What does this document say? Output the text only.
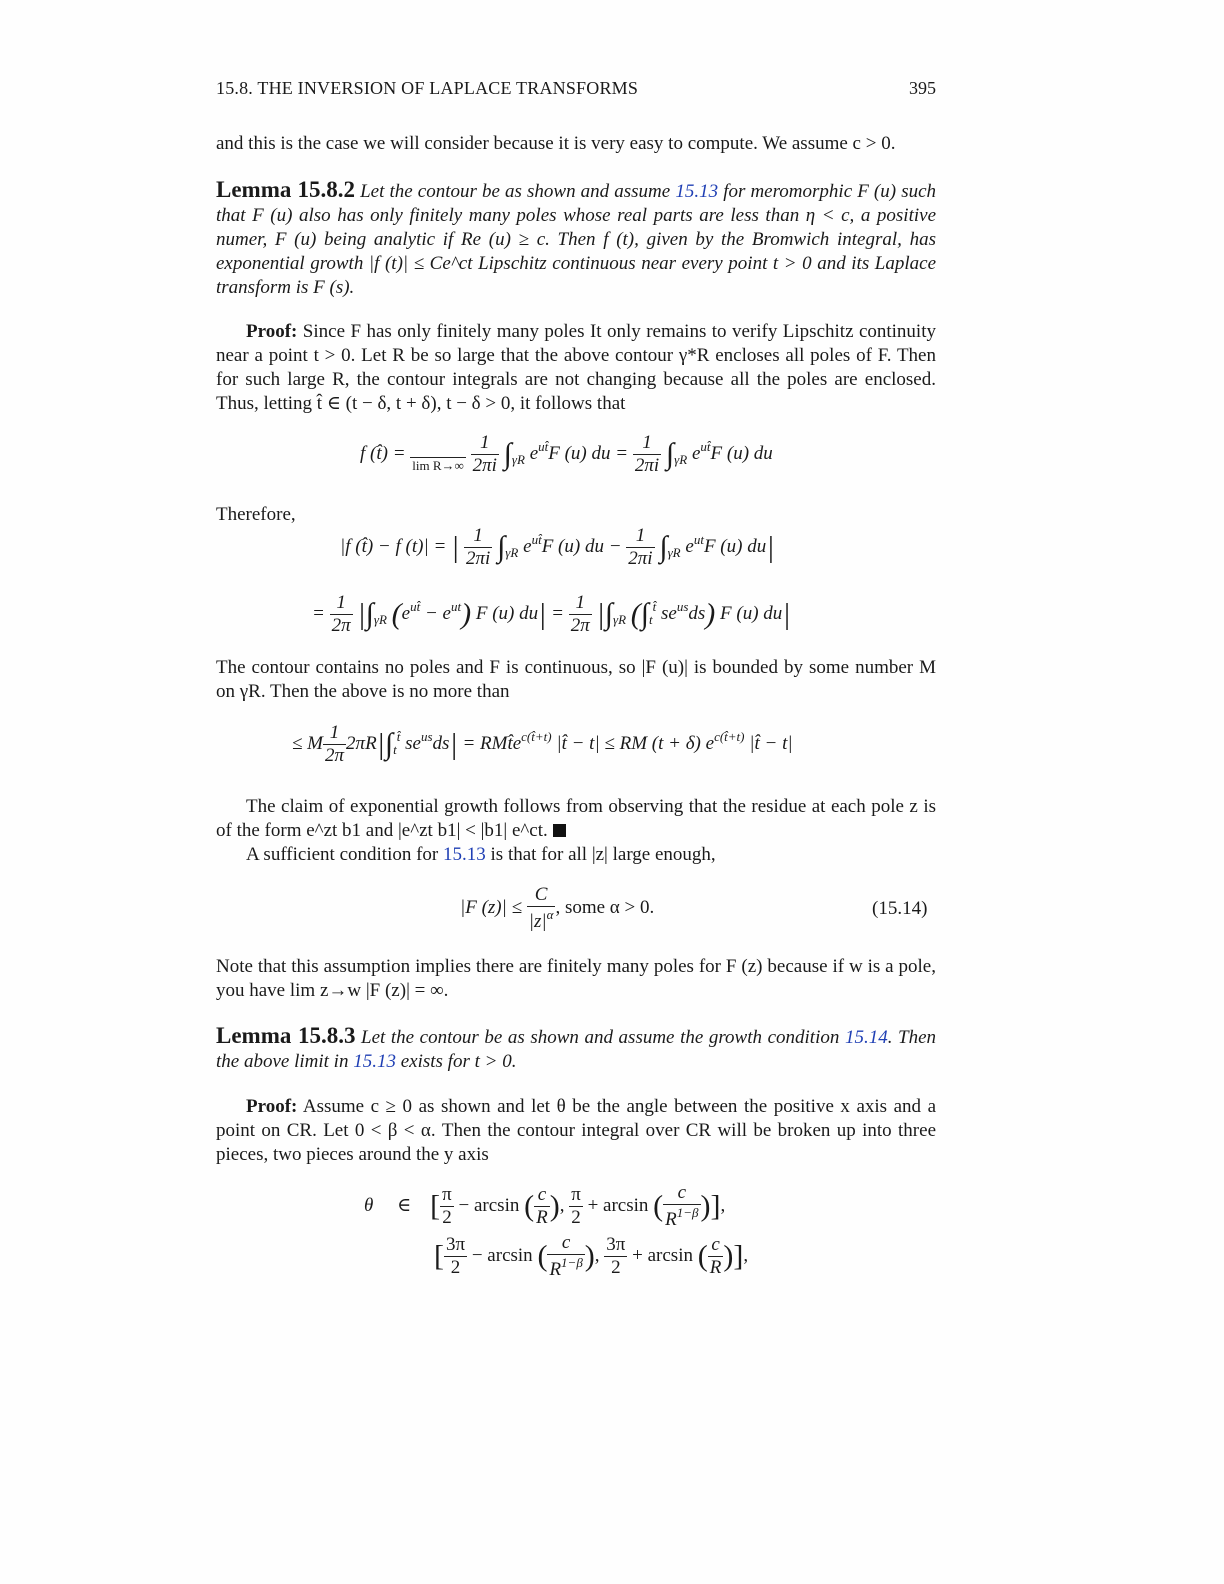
15.8. THE INVERSION OF LAPLACE TRANSFORMS	395
and this is the case we will consider because it is very easy to compute. We assume c > 0.
Lemma 15.8.2 Let the contour be as shown and assume 15.13 for meromorphic F (u) such that F (u) also has only finitely many poles whose real parts are less than η < c, a positive numer, F (u) being analytic if Re (u) ≥ c. Then f (t), given by the Bromwich integral, has exponential growth |f (t)| ≤ Ce^ct Lipschitz continuous near every point t > 0 and its Laplace transform is F (s).
Proof: Since F has only finitely many poles It only remains to verify Lipschitz continuity near a point t > 0. Let R be so large that the above contour γ*R encloses all poles of F. Then for such large R, the contour integrals are not changing because all the poles are enclosed. Thus, letting t̂ ∈ (t − δ, t + δ), t − δ > 0, it follows that
f (t̂) =

lim R→∞
$\frac{1}{2\pi i} \int_{\gamma R}$ $e^{ut̂}F$ (u) du = $\frac{1}{2\pi i} \int_{\gamma R}$ $e^{ut̂}F$ (u) du
Therefore,
|f (t̂) − f (t)| = | $\frac{1}{2\pi i} \int_{\gamma R}$ $e^{ut̂}F$ (u) du − $\frac{1}{2\pi i} \int_{\gamma R}$ $e^{ut}F$ (u) du|
= $\frac{1}{2\pi} |\int_{\gamma R}$ $(e^{ut̂} - e^{ut})$ F (u) $du| = \frac{1}{2\pi} |\int_{\gamma R}$ ($\int_t^{t̂}$ $se^{us}ds$) F (u) du|
The contour contains no poles and F is continuous, so |F (u)| is bounded by some number M on γR. Then the above is no more than
≤ M $\frac{1}{2\pi} 2\pi R|\int_t^{t̂}$ $se^{us}ds|$ = $RMt̂e^{c(t̂+t)}$ |t̂ − t| ≤ RM (t + δ) $e^{c(t̂+t)}$ |t̂ − t|
The claim of exponential growth follows from observing that the residue at each pole z is of the form e^zt b1 and |e^zt b1| < |b1| e^ct.
A sufficient condition for 15.13 is that for all |z| large enough,
|F $(z)| \le \frac{C}{|z|^\alpha}$ , some α > 0.	(15.14)
Note that this assumption implies there are finitely many poles for F (z) because if w is a pole, you have lim z→w |F (z)| = ∞.
Lemma 15.8.3 Let the contour be as shown and assume the growth condition 15.14. Then the above limit in 15.13 exists for t > 0.
Proof: Assume c ≥ 0 as shown and let θ be the angle between the positive x axis and a point on CR. Let 0 < β < α. Then the contour integral over CR will be broken up into three pieces, two pieces around the y axis
θ     ∈    [ $\frac{\pi}{2} - \arcsin$ ( $\frac{c}{R}$ ), $\frac{\pi}{2} + \arcsin$ ( $\frac{c}{R^{1-\beta}}$ )],
[ $\frac{3\pi}{2} - \arcsin$ ( $\frac{c}{R^{1-\beta}}$ ), $\frac{3\pi}{2} + \arcsin$ ( $\frac{c}{R}$ )],
